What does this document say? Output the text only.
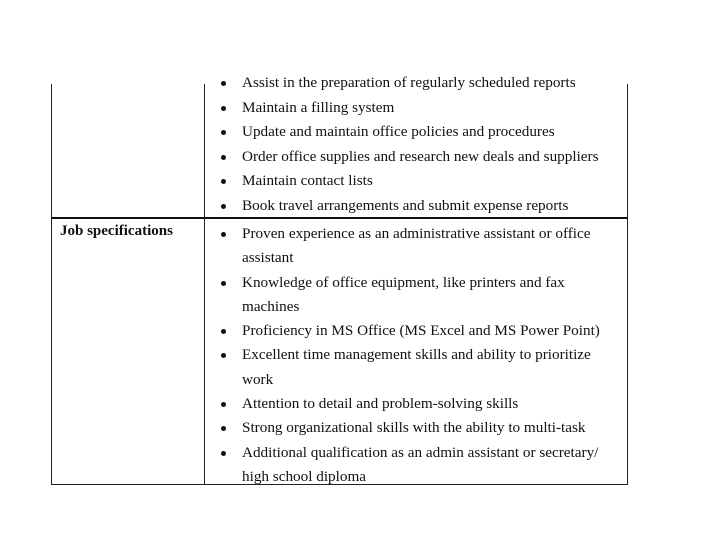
Assist in the preparation of regularly scheduled reports
Maintain a filling system
Update and maintain office policies and procedures
Order office supplies and research new deals and suppliers
Maintain contact lists
Book travel arrangements and submit expense reports
Job specifications	Proven experience as an administrative assistant or office assistant
Knowledge of office equipment, like printers and fax machines
Proficiency in MS Office (MS Excel and MS Power Point)
Excellent time management skills and ability to prioritize work
Attention to detail and problem-solving skills
Strong organizational skills with the ability to multi-task
Additional qualification as an admin assistant or secretary/ high school diploma
